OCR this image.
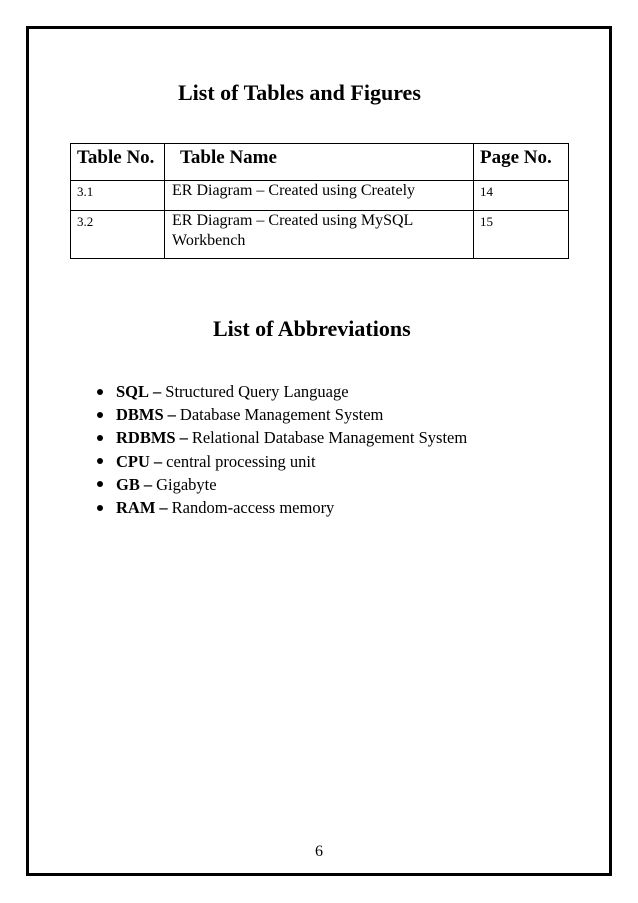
List of Tables and Figures
Table No.	Table Name	Page No.
3.1	ER Diagram – Created using Creately	14
3.2	ER Diagram – Created using MySQL Workbench	15
List of Abbreviations
SQL – Structured Query Language
DBMS – Database Management System
RDBMS – Relational Database Management System
CPU – central processing unit
GB – Gigabyte
RAM – Random-access memory
6
